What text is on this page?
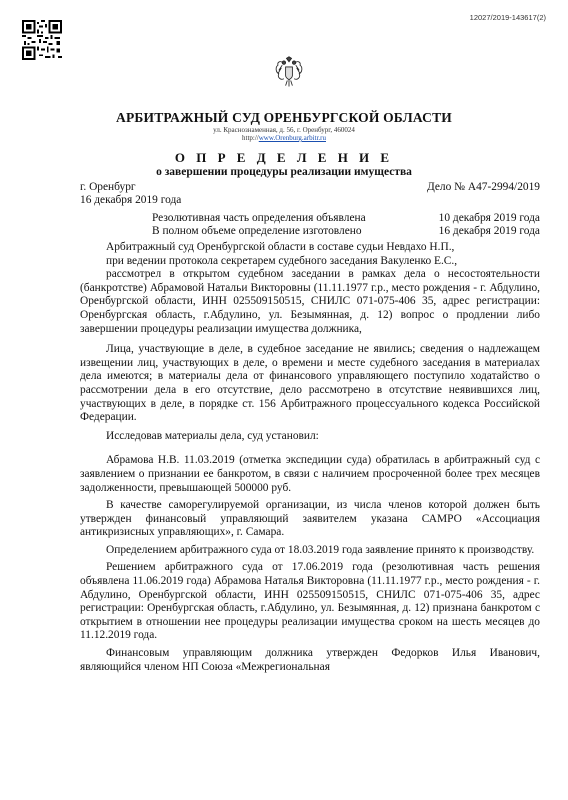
12027/2019-143617(2)
АРБИТРАЖНЫЙ СУД ОРЕНБУРГСКОЙ ОБЛАСТИ
ул. Краснознаменная, д. 56, г. Оренбург, 460024
http://www.Orenburg.arbitr.ru
О П Р Е Д Е Л Е Н И Е
о завершении процедуры реализации имущества
г. Оренбург	Дело № А47-2994/2019
16 декабря 2019 года
Резолютивная часть определения объявлена	10 декабря 2019 года
В полном объеме определение изготовлено	16 декабря 2019 года

Арбитражный суд Оренбургской области в составе судьи Невдахо Н.П.,

при ведении протокола секретарем судебного заседания Вакуленко Е.С.,

рассмотрел в открытом судебном заседании в рамках дела о несостоятельности (банкротстве) Абрамовой Натальи Викторовны (11.11.1977 г.р., место рождения - г. Абдулино, Оренбургской области, ИНН 025509150515, СНИЛС 071-075-406 35, адрес регистрации: Оренбургская область, г.Абдулино, ул. Безымянная, д. 12) вопрос о продлении либо завершении процедуры реализации имущества должника,

Лица, участвующие в деле, в судебное заседание не явились; сведения о надлежащем извещении лиц, участвующих в деле, о времени и месте судебного заседания в материалах дела имеются; в материалы дела от финансового управляющего поступило ходатайство о рассмотрении дела в его отсутствие, дело рассмотрено в отсутствие неявившихся лиц, участвующих в деле, в порядке ст. 156 Арбитражного процессуального кодекса Российской Федерации.

Исследовав материалы дела, суд установил:

Абрамова Н.В. 11.03.2019 (отметка экспедиции суда) обратилась в арбитражный суд с заявлением о признании ее банкротом, в связи с наличием просроченной более трех месяцев задолженности, превышающей 500000 руб.

В качестве саморегулируемой организации, из числа членов которой должен быть утвержден финансовый управляющий заявителем указана САМРО «Ассоциация антикризисных управляющих», г. Самара.

Определением арбитражного суда от 18.03.2019 года заявление принято к производству.

Решением арбитражного суда от 17.06.2019 года (резолютивная часть решения объявлена 11.06.2019 года) Абрамова Наталья Викторовна (11.11.1977 г.р., место рождения - г. Абдулино, Оренбургской области, ИНН 025509150515, СНИЛС 071-075-406 35, адрес регистрации: Оренбургская область, г.Абдулино, ул. Безымянная, д. 12) признана банкротом с открытием в отношении нее процедуры реализации имущества сроком на шесть месяцев до 11.12.2019 года.

Финансовым управляющим должника утвержден Федорков Илья Иванович, являющийся членом НП Союза «Межрегиональная
